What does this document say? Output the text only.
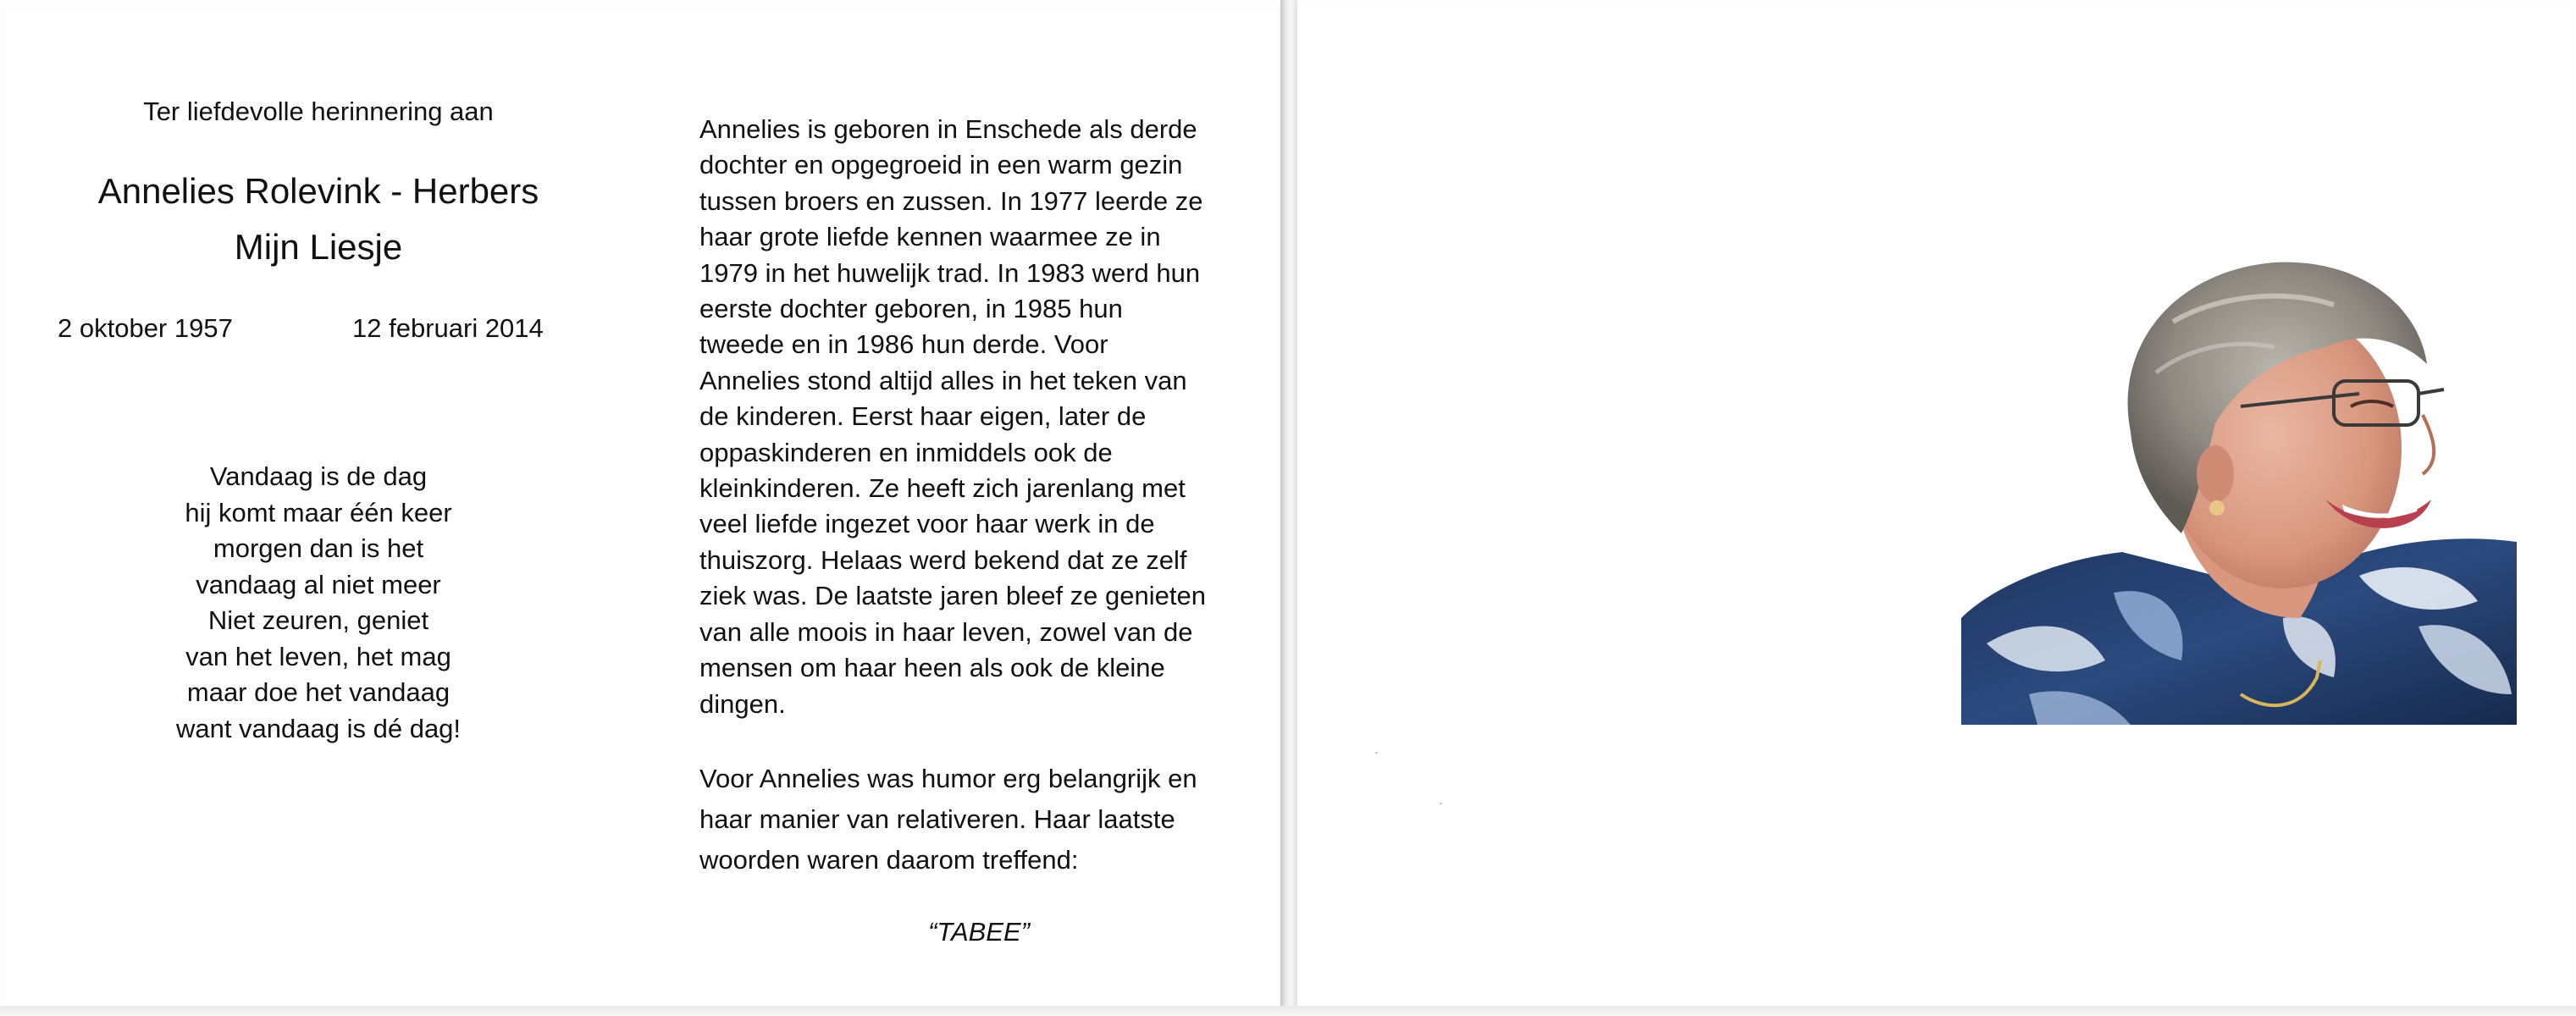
Ter liefdevolle herinnering aan
Annelies Rolevink - Herbers
Mijn Liesje
2 oktober 1957	12 februari 2014
Vandaag is de dag
hij komt maar één keer
morgen dan is het
vandaag al niet meer
Niet zeuren, geniet
van het leven, het mag
maar doe het vandaag
want vandaag is dé dag!
Annelies is geboren in Enschede als derde
dochter en opgegroeid in een warm gezin
tussen broers en zussen. In 1977 leerde ze
haar grote liefde kennen waarmee ze in
1979 in het huwelijk trad. In 1983 werd hun
eerste dochter geboren, in 1985 hun
tweede en in 1986 hun derde. Voor
Annelies stond altijd alles in het teken van
de kinderen. Eerst haar eigen, later de
oppaskinderen en inmiddels ook de
kleinkinderen. Ze heeft zich jarenlang met
veel liefde ingezet voor haar werk in de
thuiszorg. Helaas werd bekend dat ze zelf
ziek was. De laatste jaren bleef ze genieten
van alle moois in haar leven, zowel van de
mensen om haar heen als ook de kleine
dingen.
Voor Annelies was humor erg belangrijk en
haar manier van relativeren. Haar laatste
woorden waren daarom treffend:
“TABEE”
